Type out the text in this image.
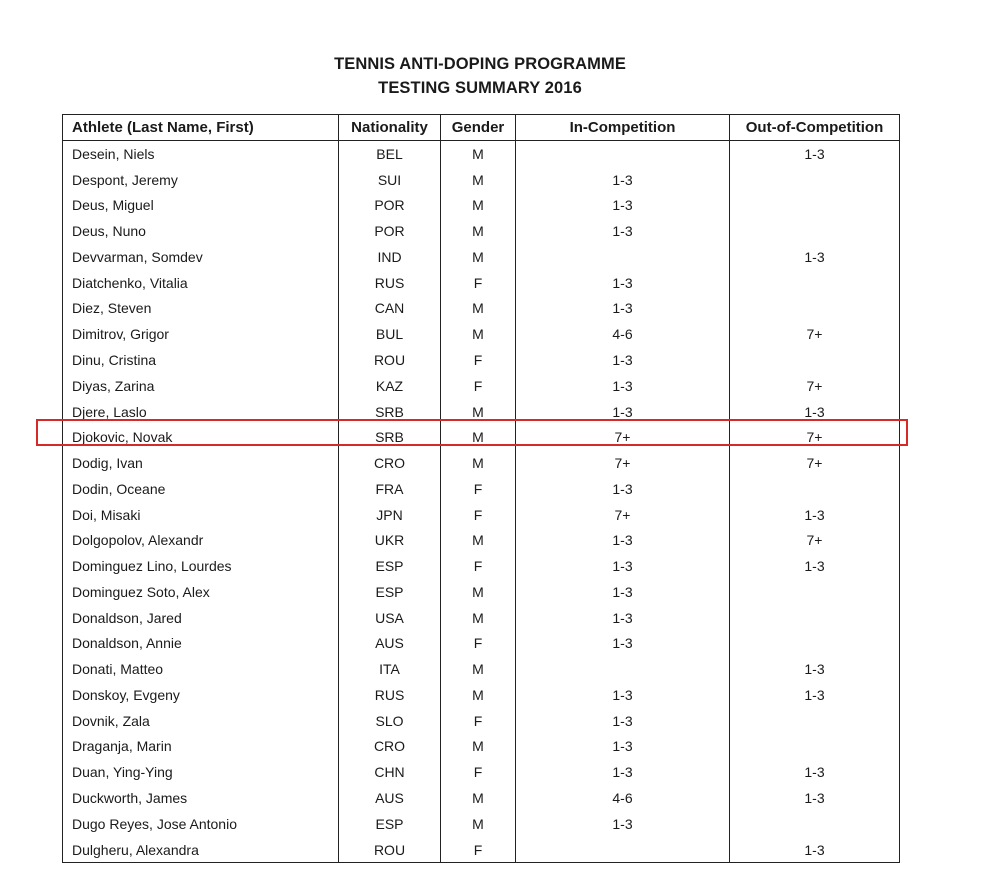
TENNIS ANTI-DOPING PROGRAMME
TESTING SUMMARY 2016
Athlete (Last Name, First)	Nationality	Gender	In-Competition	Out-of-Competition
Desein, Niels	BEL	M		1-3
Despont, Jeremy	SUI	M	1-3	
Deus, Miguel	POR	M	1-3	
Deus, Nuno	POR	M	1-3	
Devvarman, Somdev	IND	M		1-3
Diatchenko, Vitalia	RUS	F	1-3	
Diez, Steven	CAN	M	1-3	
Dimitrov, Grigor	BUL	M	4-6	7+
Dinu, Cristina	ROU	F	1-3	
Diyas, Zarina	KAZ	F	1-3	7+
Djere, Laslo	SRB	M	1-3	1-3
Djokovic, Novak	SRB	M	7+	7+
Dodig, Ivan	CRO	M	7+	7+
Dodin, Oceane	FRA	F	1-3	
Doi, Misaki	JPN	F	7+	1-3
Dolgopolov, Alexandr	UKR	M	1-3	7+
Dominguez Lino, Lourdes	ESP	F	1-3	1-3
Dominguez Soto, Alex	ESP	M	1-3	
Donaldson, Jared	USA	M	1-3	
Donaldson, Annie	AUS	F	1-3	
Donati, Matteo	ITA	M		1-3
Donskoy, Evgeny	RUS	M	1-3	1-3
Dovnik, Zala	SLO	F	1-3	
Draganja, Marin	CRO	M	1-3	
Duan, Ying-Ying	CHN	F	1-3	1-3
Duckworth, James	AUS	M	4-6	1-3
Dugo Reyes, Jose Antonio	ESP	M	1-3	
Dulgheru, Alexandra	ROU	F		1-3
